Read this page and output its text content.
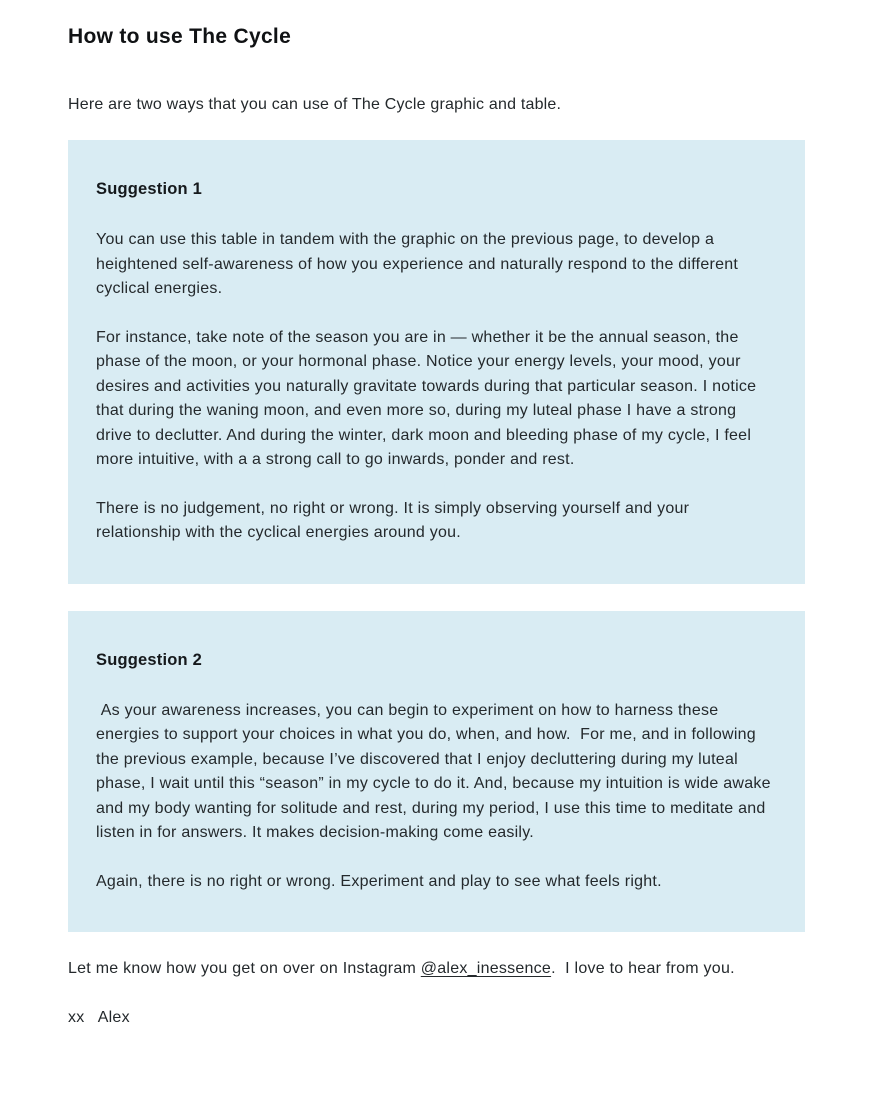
How to use The Cycle

Here are two ways that you can use of The Cycle graphic and table.

Suggestion 1

You can use this table in tandem with the graphic on the previous page, to develop a heightened self-awareness of how you experience and naturally respond to the different cyclical energies.

For instance, take note of the season you are in — whether it be the annual season, the phase of the moon, or your hormonal phase. Notice your energy levels, your mood, your desires and activities you naturally gravitate towards during that particular season. I notice that during the waning moon, and even more so, during my luteal phase I have a strong drive to declutter. And during the winter, dark moon and bleeding phase of my cycle, I feel more intuitive, with a a strong call to go inwards, ponder and rest.

There is no judgement, no right or wrong. It is simply observing yourself and your relationship with the cyclical energies around you.

Suggestion 2

As your awareness increases, you can begin to experiment on how to harness these energies to support your choices in what you do, when, and how.  For me, and in following the previous example, because I’ve discovered that I enjoy decluttering during my luteal phase, I wait until this “season” in my cycle to do it. And, because my intuition is wide awake and my body wanting for solitude and rest, during my period, I use this time to meditate and listen in for answers. It makes decision-making come easily.

Again, there is no right or wrong. Experiment and play to see what feels right.

Let me know how you get on over on Instagram @alex_inessence.  I love to hear from you.

xx   Alex
